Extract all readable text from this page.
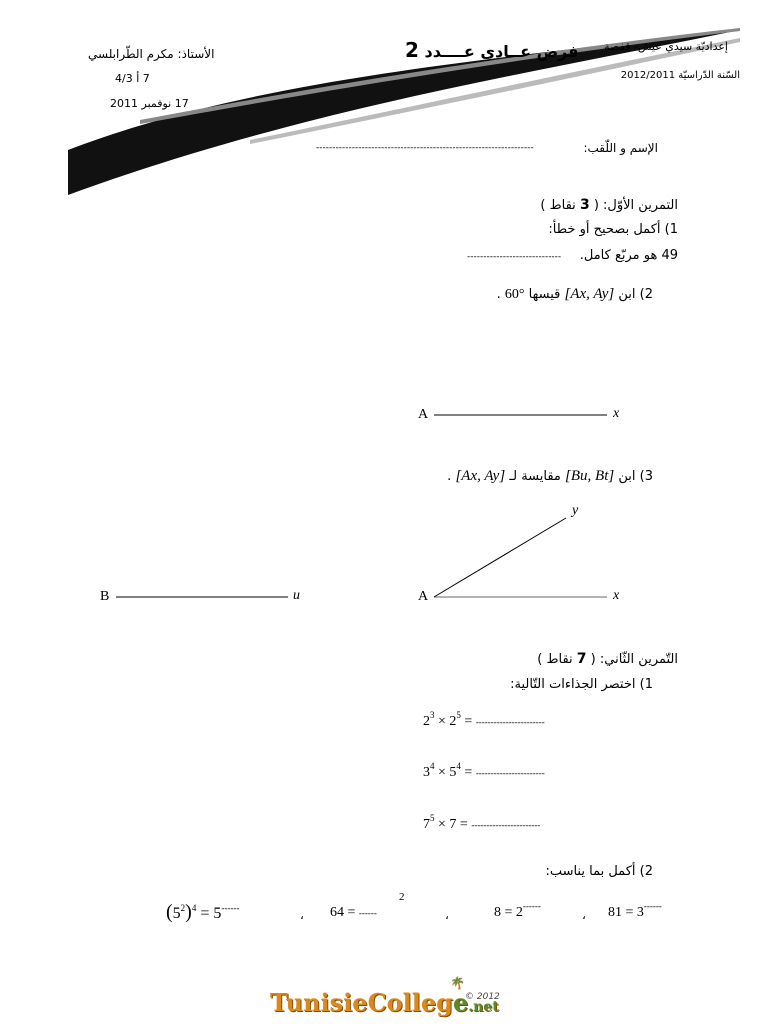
إعداديّة سيدي عيش- قفصة
السّنة الدّراسيّة 2012/2011
2 فرض عــادي عــــدد
الأستاذ: مكرم الطّرابلسي
7 أ 4/3
17 نوفمبر 2011
الإسم و اللّقب:
-------------------------------------------------------------------
التمرين الأوّل: ( 3 نقاط )
1) أكمل بصحيح أو خطأ:
49 هو مربّع كامل.
-----------------------------
2) ابن [Ax, Ay] قيسها 60° .
A	x
3) ابن [Bu, Bt] مقايسة لـ [Ax, Ay] .
y
A	x
B	u
التّمرين الثّاني: ( 7 نقاط )
1) اختصر الجذاءات التّالية:
$2^3 \times 2^5$ = -----------------------
$3^4 \times 5^4$ = -----------------------
$7^5 \times 7$ = -----------------------
2) أكمل بما يناسب:
81 = 3------
،
8 = 2------
،
64 = ------
2
،
$(5^2)^4 = 5^{------}$
TunisieCollege.net
🌴
© 2012
